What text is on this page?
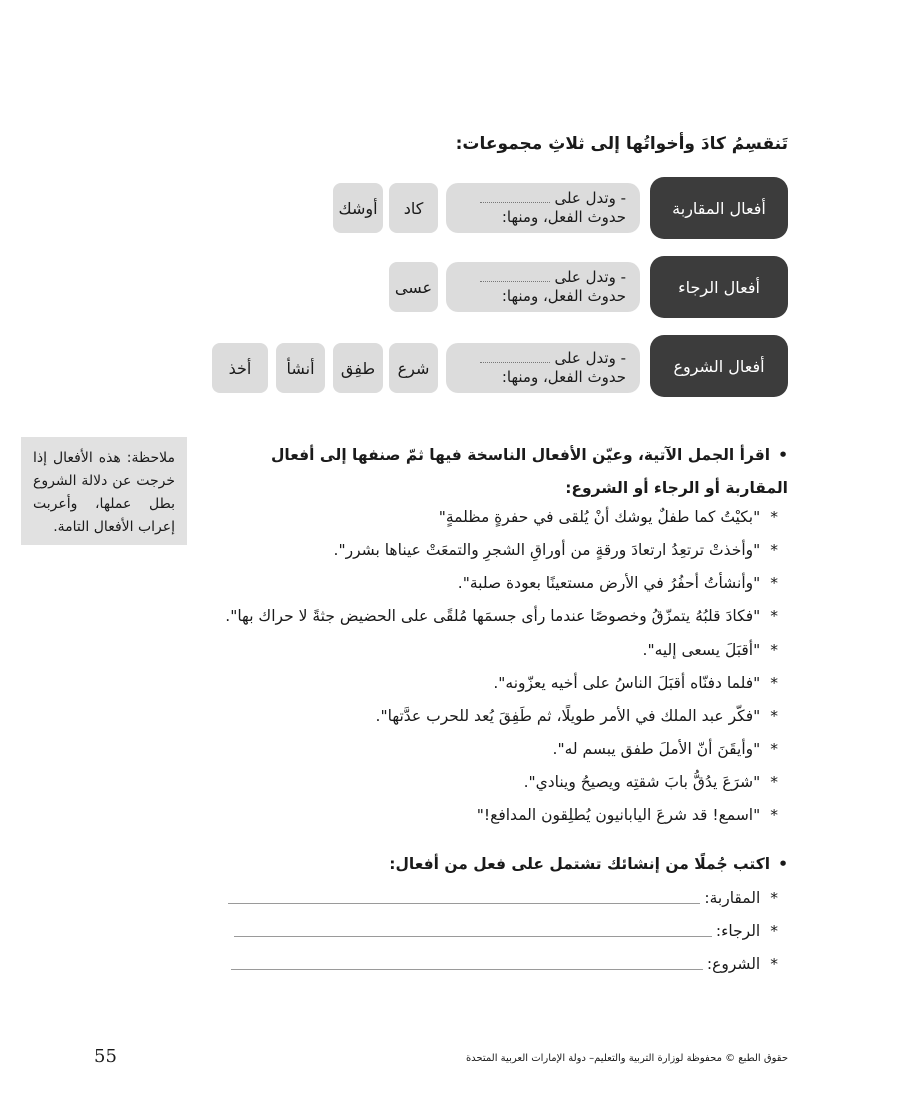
تَنقسِمُ كادَ وأخواتُها إلى ثلاثِ مجموعات:
أفعال المقاربة
- وتدل على
حدوث الفعل، ومنها:
كاد
أوشك
أفعال الرجاء
- وتدل على
حدوث الفعل، ومنها:
عسى
أفعال الشروع
- وتدل على
حدوث الفعل، ومنها:
شرع
طفِق
أنشأ
أخذ
ملاحظة: هذه الأفعال إذا خرجت عن دلالة الشروع بطل عملها، وأعربت إعراب الأفعال التامة.
• اقرأ الجمل الآتية، وعيّن الأفعال الناسخة فيها ثمّ صنفها إلى أفعال المقاربة أو الرجاء أو الشروع:
*"بكيْتُ كما طفلٌ يوشك أنْ يُلقى في حفرةٍ مظلمةٍ"
*"وأخذتْ ترتعِدُ ارتعادَ ورقةٍ من أوراقِ الشجرِ والتمعَتْ عيناها بشرر".
*"وأنشأتُ أحفُرُ في الأرض مستعينًا بعودة صلبة".
*"فكادَ قلبُهُ يتمزّقُ وخصوصًا عندما رأى جسمَها مُلقًى على الحضيض جثةً لا حراك بها".
*"أقبَلَ يسعى إليه".
*"فلما دفنّاه أقبَلَ الناسُ على أخيه يعزّونه".
*"فكّر عبد الملك في الأمر طويلًا، ثم طَفِقَ يُعد للحرب عدَّتها".
*"وأيقَنَ أنّ الأملَ طفق يبسم له".
*"شرَعَ يدُقُّ بابَ شقتِه ويصيحُ وينادي".
*"اسمع! قد شرعَ اليابانيون يُطلِقون المدافع!"
• اكتب جُملًا من إنشائك تشتمل على فعل من أفعال:
*
المقاربة:
*
الرجاء:
*
الشروع:
55	حقوق الطبع © محفوظة لوزارة التربية والتعليم– دولة الإمارات العربية المتحدة
